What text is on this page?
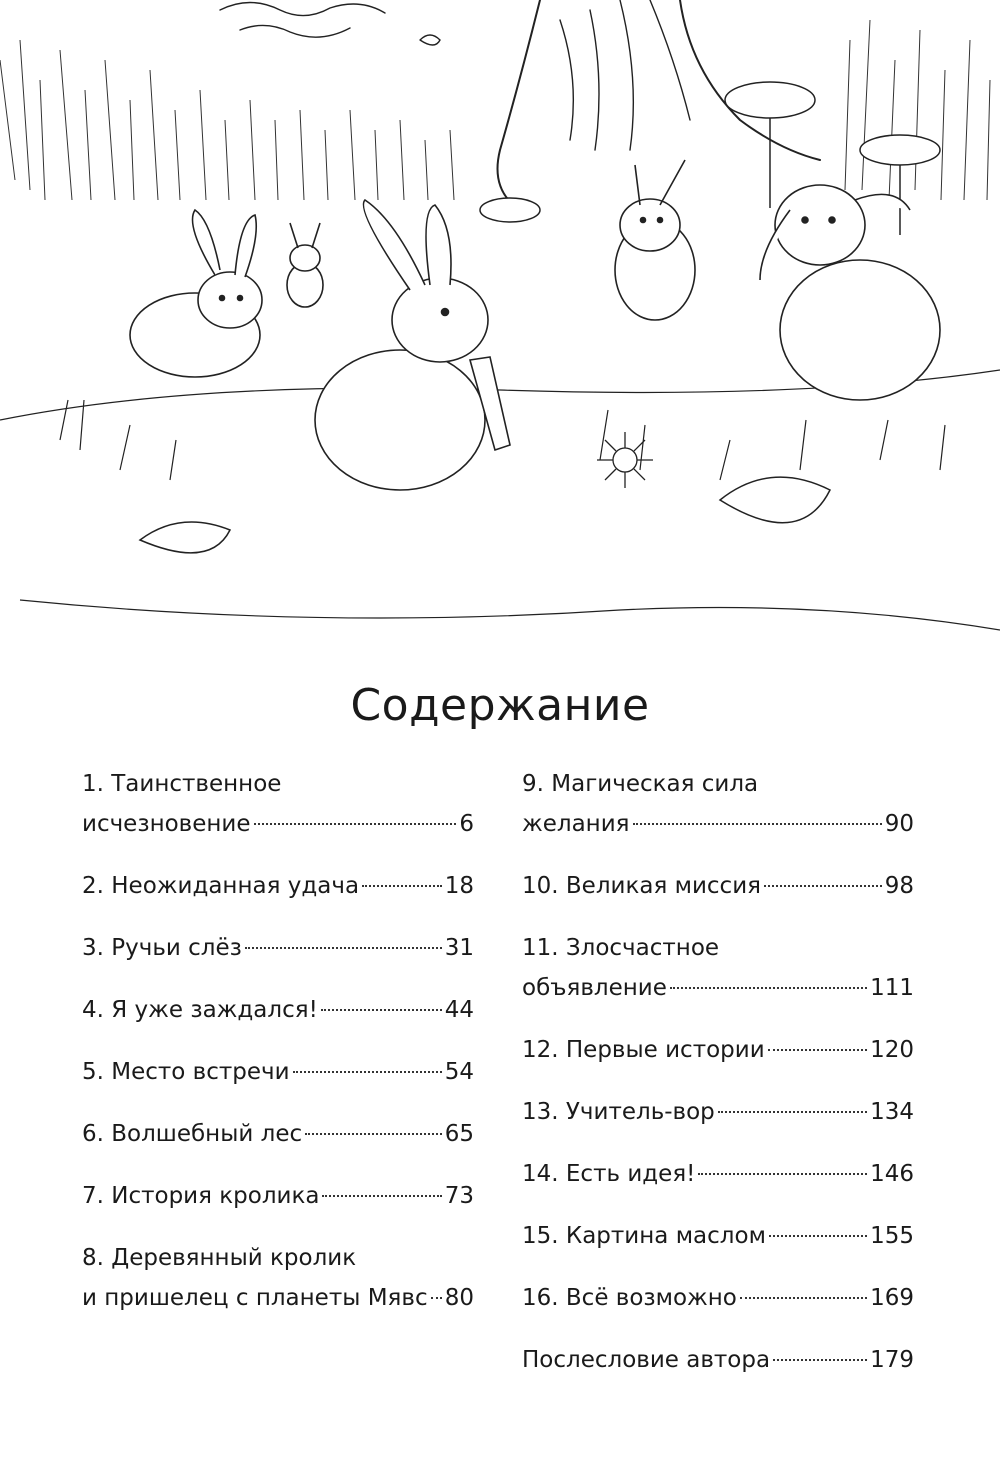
Содержание
1. Таинственное
исчезновение	6
2. Неожиданная удача	18
3. Ручьи слёз	31
4. Я уже заждался!	44
5. Место встречи	54
6. Волшебный лес	65
7. История кролика	73
8. Деревянный кролик
и пришелец с планеты Мявс 80
9. Магическая сила
желания	90
10. Великая миссия	98
11. Злосчастное
объявление	111
12. Первые истории	120
13. Учитель-вор	134
14. Есть идея!	146
15. Картина маслом	155
16. Всё возможно	169
Послесловие автора	179
